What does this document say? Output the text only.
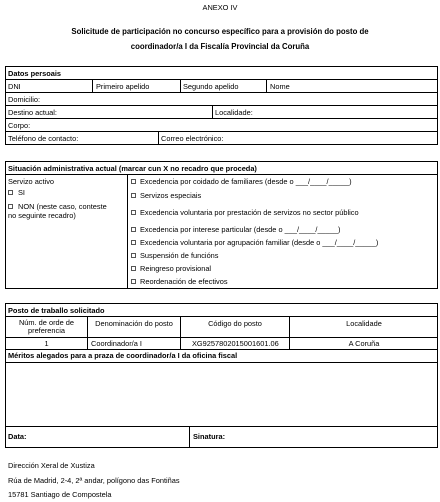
ANEXO IV
Solicitude de participación no concurso específico para a provisión do posto de
coordinador/a I da Fiscalía Provincial da Coruña
Datos persoais
DNI	Primeiro apelido	Segundo apelido	Nome
Domicilio:
Destino actual:	Localidade:
Corpo:
Teléfono de contacto:	Correo electrónico:
Situación administrativa actual (marcar cun X no recadro que proceda)
Servizo activo
SI
NON (neste caso, conteste
no seguinte recadro)
Excedencia por coidado de familiares (desde o ___/____/_____)
Servizos especiais
Excedencia voluntaria por prestación de servizos no sector público
Excedencia por interese particular (desde o ___/____/_____)
Excedencia voluntaria por agrupación familiar (desde o ___/____/_____)
Suspensión de funcións
Reingreso provisional
Reordenación de efectivos
Posto de traballo solicitado
Núm. de orde de
preferencia
Denominación do posto	Código do posto	Localidade
1	Coordinador/a I	XG9257802015001601.06	A Coruña
Méritos alegados para a praza de coordinador/a I da oficina fiscal
Data:	Sinatura:
Dirección Xeral de Xustiza
Rúa de Madrid, 2-4, 2ª andar, polígono das Fontiñas
15781 Santiago de Compostela
